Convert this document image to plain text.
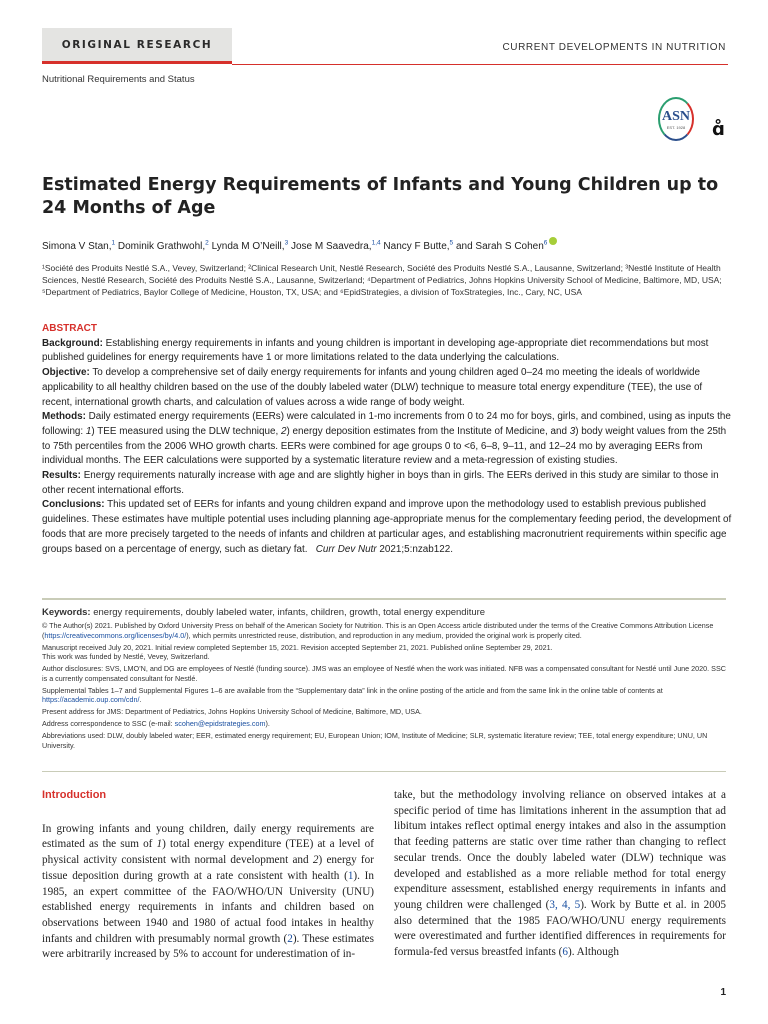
ORIGINAL RESEARCH	CURRENT DEVELOPMENTS IN NUTRITION
Nutritional Requirements and Status
ASN
EST. 1928	ɑ̊
Estimated Energy Requirements of Infants and Young Children up to 24 Months of Age
Simona V Stan,$^1$ Dominik Grathwohl,$^2$ Lynda M O’Neill,$^3$ Jose M Saavedra,$^{1,4}$ Nancy F Butte,$^5$ and Sarah S Cohen$^6$
¹Société des Produits Nestlé S.A., Vevey, Switzerland; ²Clinical Research Unit, Nestlé Research, Société des Produits Nestlé S.A., Lausanne, Switzerland; ³Nestlé Institute of Health Sciences, Nestlé Research, Société des Produits Nestlé S.A., Lausanne, Switzerland; ⁴Department of Pediatrics, Johns Hopkins University School of Medicine, Baltimore, MD, USA; ⁵Department of Pediatrics, Baylor College of Medicine, Houston, TX, USA; and ⁶EpidStrategies, a division of ToxStrategies, Inc., Cary, NC, USA
ABSTRACT
Background: Establishing energy requirements in infants and young children is important in developing age-appropriate diet recommendations but most published guidelines for energy requirements have 1 or more limitations related to the data underlying the calculations.
Objective: To develop a comprehensive set of daily energy requirements for infants and young children aged 0–24 mo meeting the ideals of worldwide applicability to all healthy children based on the use of the doubly labeled water (DLW) technique to measure total energy expenditure (TEE), the use of recent, international growth charts, and calculation of values across a wide range of body weight.
Methods: Daily estimated energy requirements (EERs) were calculated in 1-mo increments from 0 to 24 mo for boys, girls, and combined, using as inputs the following: 1) TEE measured using the DLW technique, 2) energy deposition estimates from the Institute of Medicine, and 3) body weight values from the 25th to 75th percentiles from the 2006 WHO growth charts. EERs were combined for age groups 0 to <6, 6–8, 9–11, and 12–24 mo by averaging EERs from individual months. The EER calculations were supported by a systematic literature review and a meta-regression of existing studies.
Results: Energy requirements naturally increase with age and are slightly higher in boys than in girls. The EERs derived in this study are similar to those in other recent international efforts.
Conclusions: This updated set of EERs for infants and young children expand and improve upon the methodology used to establish previous published guidelines. These estimates have multiple potential uses including planning age-appropriate menus for the complementary feeding period, the development of foods that are more precisely targeted to the needs of infants and children at particular ages, and establishing macronutrient requirements within specific age groups based on a percentage of energy, such as dietary fat. Curr Dev Nutr 2021;5:nzab122.
Keywords: energy requirements, doubly labeled water, infants, children, growth, total energy expenditure

© The Author(s) 2021. Published by Oxford University Press on behalf of the American Society for Nutrition. This is an Open Access article distributed under the terms of the Creative Commons Attribution License (https://creativecommons.org/licenses/by/4.0/), which permits unrestricted reuse, distribution, and reproduction in any medium, provided the original work is properly cited.

Manuscript received July 20, 2021. Initial review completed September 15, 2021. Revision accepted September 21, 2021. Published online September 29, 2021.
This work was funded by Nestlé, Vevey, Switzerland.

Author disclosures: SVS, LMO’N, and DG are employees of Nestlé (funding source). JMS was an employee of Nestlé when the work was initiated. NFB was a compensated consultant for Nestlé until June 2020. SSC is a currently compensated consultant for Nestlé.

Supplemental Tables 1–7 and Supplemental Figures 1–6 are available from the “Supplementary data” link in the online posting of the article and from the same link in the online table of contents at https://academic.oup.com/cdn/.

Present address for JMS: Department of Pediatrics, Johns Hopkins University School of Medicine, Baltimore, MD, USA.

Address correspondence to SSC (e-mail: scohen@epidstrategies.com).

Abbreviations used: DLW, doubly labeled water; EER, estimated energy requirement; EU, European Union; IOM, Institute of Medicine; SLR, systematic literature review; TEE, total energy expenditure; UNU, UN University.

Introduction

In growing infants and young children, daily energy requirements are estimated as the sum of 1) total energy expenditure (TEE) at a level of physical activity consistent with normal development and 2) energy for tissue deposition during growth at a rate consistent with health (1). In 1985, an expert committee of the FAO/WHO/UN University (UNU) established energy requirements in infants and children based on observations between 1940 and 1980 of actual food intakes in healthy infants and children with presumably normal growth (2). These estimates were arbitrarily increased by 5% to account for underestimation of in-

take, but the methodology involving reliance on observed intakes at a specific period of time has limitations inherent in the assumption that ad libitum intakes reflect optimal energy intakes and also in the assumption that feeding patterns are static over time rather than changing to reflect secular trends. Once the doubly labeled water (DLW) technique was developed and established as a more reliable method for total energy expenditure assessment, established energy requirements in infants and young children were challenged (3, 4, 5). Work by Butte et al. in 2005 also determined that the 1985 FAO/WHO/UNU energy requirements were overestimated and further identified differences in requirements for formula-fed versus breastfed infants (6). Although

1
